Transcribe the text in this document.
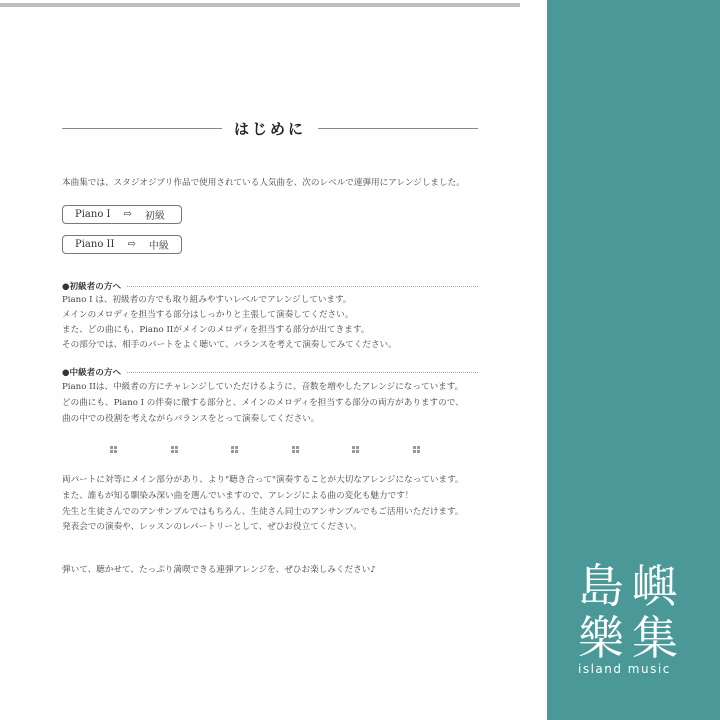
はじめに
本曲集では、スタジオジブリ作品で使用されている人気曲を、次のレベルで連弾用にアレンジしました。
Piano I ⇨ 初級
Piano II ⇨ 中級
●初級者の方へ
Piano I は、初級者の方でも取り組みやすいレベルでアレンジしています。
メインのメロディを担当する部分はしっかりと主張して演奏してください。
また、どの曲にも、Piano IIがメインのメロディを担当する部分が出てきます。
その部分では、相手のパートをよく聴いて、バランスを考えて演奏してみてください。
●中級者の方へ
Piano IIは、中級者の方にチャレンジしていただけるように、音数を増やしたアレンジになっています。
どの曲にも、Piano I の伴奏に徹する部分と、メインのメロディを担当する部分の両方がありますので、
曲の中での役割を考えながらバランスをとって演奏してください。
両パートに対等にメイン部分があり、より"聴き合って"演奏することが大切なアレンジになっています。
また、誰もが知る馴染み深い曲を選んでいますので、アレンジによる曲の変化も魅力です！
先生と生徒さんでのアンサンブルではもちろん、生徒さん同士のアンサンブルでもご活用いただけます。
発表会での演奏や、レッスンのレパートリーとして、ぜひお役立てください。
弾いて、聴かせて、たっぷり満喫できる連弾アレンジを、ぜひお楽しみください♪	島嶼
樂集
island music
